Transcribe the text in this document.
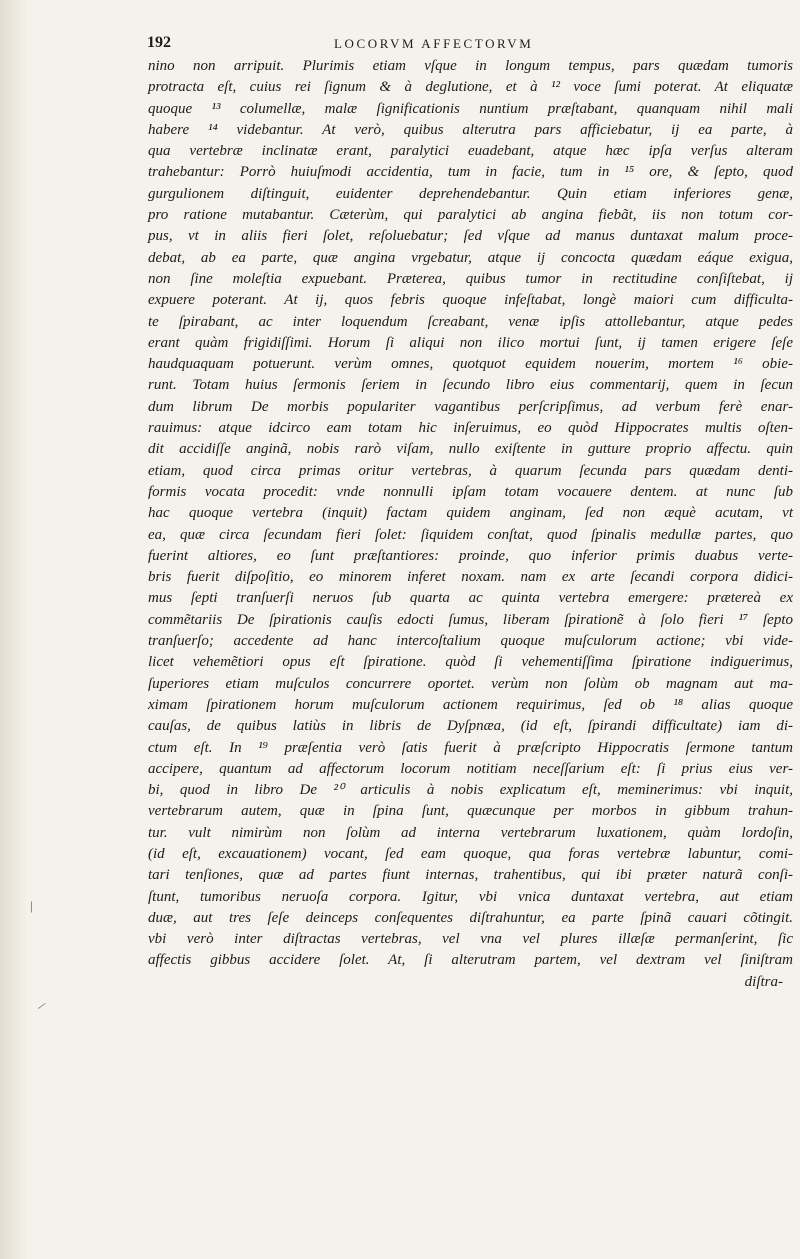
192	LOCORVM AFFECTORVM
nino non arripuit. Plurimis etiam vſque in longum tempus, pars quædam tumoris
protracta eſt, cuius rei ſignum & à deglutione, et à ¹² voce ſumi poterat. At eliquatæ
quoque ¹³ columellæ, malæ ſignificationis nuntium præſtabant, quanquam nihil mali
habere ¹⁴ videbantur. At verò, quibus alterutra pars afficiebatur, ij ea parte, à
qua vertebræ inclinatæ erant, paralytici euadebant, atque hæc ipſa verſus alteram
trahebantur: Porrò huiuſmodi accidentia, tum in facie, tum in ¹⁵ ore, & ſepto, quod
gurgulionem diſtinguit, euidenter deprehendebantur. Quin etiam inferiores genæ,
pro ratione mutabantur. Cæterùm, qui paralytici ab angina fiebãt, iis non totum cor-
pus, vt in aliis fieri ſolet, reſoluebatur; ſed vſque ad manus duntaxat malum proce-
debat, ab ea parte, quæ angina vrgebatur, atque ij concocta quædam eáque exigua,
non ſine moleſtia expuebant. Præterea, quibus tumor in rectitudine conſiſtebat, ij
expuere poterant. At ij, quos febris quoque infeſtabat, longè maiori cum difficulta-
te ſpirabant, ac inter loquendum ſcreabant, venæ ipſis attollebantur, atque pedes
erant quàm frigidiſſimi. Horum ſi aliqui non ilico mortui ſunt, ij tamen erigere ſeſe
haudquaquam potuerunt. verùm omnes, quotquot equidem nouerim, mortem ¹⁶ obie-
runt. Totam huius ſermonis ſeriem in ſecundo libro eius commentarij, quem in ſecun
dum librum De morbis populariter vagantibus perſcripſimus, ad verbum ferè enar-
rauimus: atque idcirco eam totam hic inſeruimus, eo quòd Hippocrates multis oſten-
dit accidiſſe anginã, nobis rarò viſam, nullo exiſtente in gutture proprio affectu. quin
etiam, quod circa primas oritur vertebras, à quarum ſecunda pars quædam denti-
formis vocata procedit: vnde nonnulli ipſam totam vocauere dentem. at nunc ſub
hac quoque vertebra (inquit) factam quidem anginam, ſed non æquè acutam, vt
ea, quæ circa ſecundam fieri ſolet: ſiquidem conſtat, quod ſpinalis medullæ partes, quo
fuerint altiores, eo ſunt præſtantiores: proinde, quo inferior primis duabus verte-
bris fuerit diſpoſitio, eo minorem inferet noxam. nam ex arte ſecandi corpora didici-
mus ſepti tranſuerſi neruos ſub quarta ac quinta vertebra emergere: prætereà ex
commẽtariis De ſpirationis cauſis edocti ſumus, liberam ſpirationẽ à ſolo fieri ¹⁷ ſepto
tranſuerſo; accedente ad hanc intercoſtalium quoque muſculorum actione; vbi vide-
licet vehemẽtiori opus eſt ſpiratione. quòd ſi vehementiſſima ſpiratione indiguerimus,
ſuperiores etiam muſculos concurrere oportet. verùm non ſolùm ob magnam aut ma-
ximam ſpirationem horum muſculorum actionem requirimus, ſed ob ¹⁸ alias quoque
cauſas, de quibus latiùs in libris de Dyſpnæa, (id eſt, ſpirandi difficultate) iam di-
ctum eſt. In ¹⁹ præſentia verò ſatis fuerit à præſcripto Hippocratis ſermone tantum
accipere, quantum ad affectorum locorum notitiam neceſſarium eſt: ſi prius eius ver-
bi, quod in libro De ²⁰ articulis à nobis explicatum eſt, meminerimus: vbi inquit,
vertebrarum autem, quæ in ſpina ſunt, quæcunque per morbos in gibbum trahun-
tur. vult nimirùm non ſolùm ad interna vertebrarum luxationem, quàm lordoſin,
(id eſt, excauationem) vocant, ſed eam quoque, qua foras vertebræ labuntur, comi-
tari tenſiones, quæ ad partes fiunt internas, trahentibus, qui ibi præter naturã conſi-
ſtunt, tumoribus neruoſa corpora. Igitur, vbi vnica duntaxat vertebra, aut etiam
duæ, aut tres ſeſe deinceps conſequentes diſtrahuntur, ea parte ſpinã cauari cõtingit.
vbi verò inter diſtractas vertebras, vel vna vel plures illæſæ permanſerint, ſic
affectis gibbus accidere ſolet. At, ſi alterutram partem, vel dextram vel ſiniſtram
diſtra-
|
/
